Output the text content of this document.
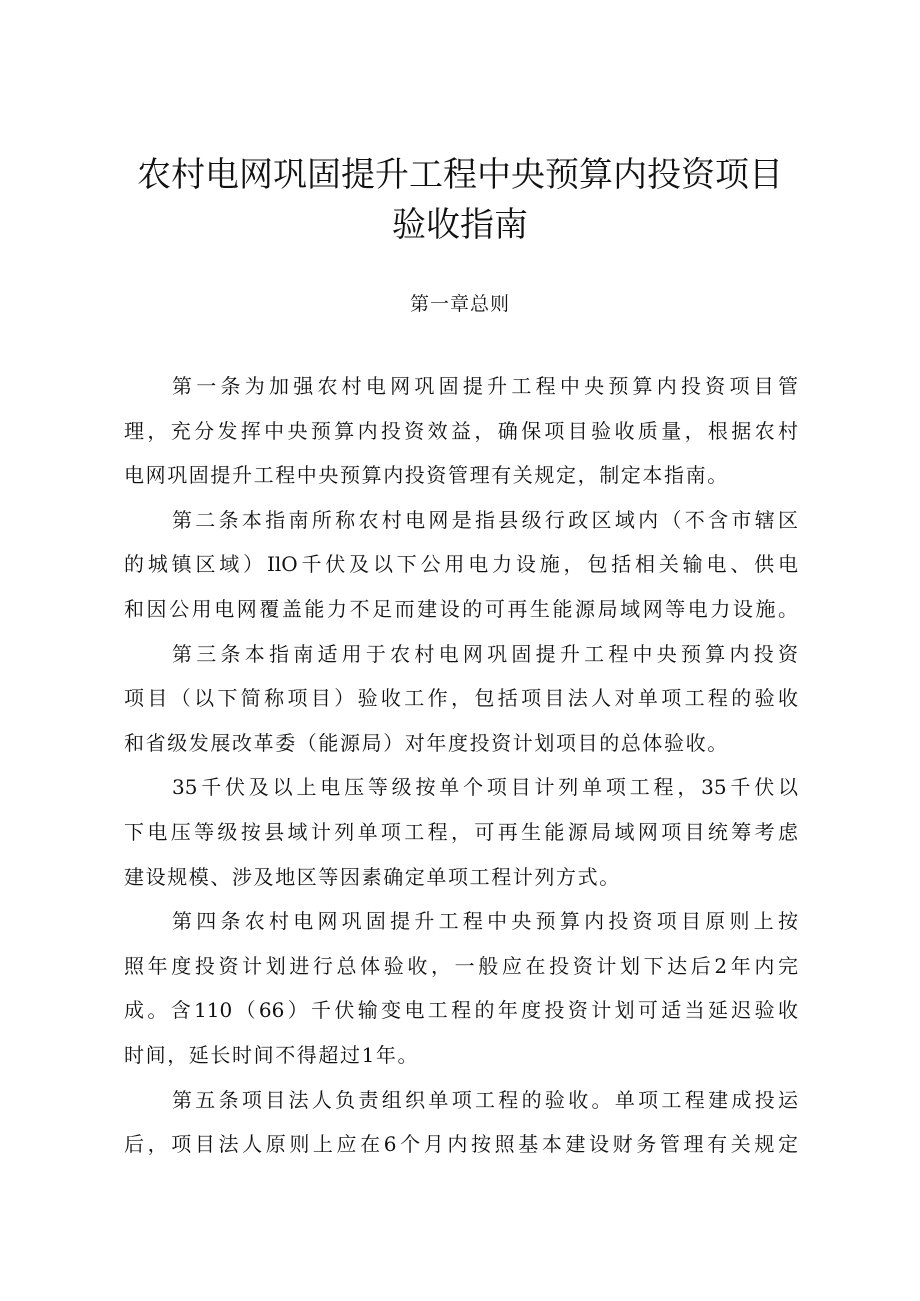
农村电网巩固提升工程中央预算内投资项目
验收指南
第一章总则
第一条为加强农村电网巩固提升工程中央预算内投资项目管
理，充分发挥中央预算内投资效益，确保项目验收质量，根据农村
电网巩固提升工程中央预算内投资管理有关规定，制定本指南。
第二条本指南所称农村电网是指县级行政区域内（不含市辖区
的城镇区域）IlO千伏及以下公用电力设施，包括相关输电、供电
和因公用电网覆盖能力不足而建设的可再生能源局域网等电力设施。
第三条本指南适用于农村电网巩固提升工程中央预算内投资
项目（以下简称项目）验收工作，包括项目法人对单项工程的验收
和省级发展改革委（能源局）对年度投资计划项目的总体验收。
35千伏及以上电压等级按单个项目计列单项工程，35千伏以
下电压等级按县域计列单项工程，可再生能源局域网项目统筹考虑
建设规模、涉及地区等因素确定单项工程计列方式。
第四条农村电网巩固提升工程中央预算内投资项目原则上按
照年度投资计划进行总体验收，一般应在投资计划下达后2年内完
成。含110（66）千伏输变电工程的年度投资计划可适当延迟验收
时间，延长时间不得超过1年。
第五条项目法人负责组织单项工程的验收。单项工程建成投运
后，项目法人原则上应在6个月内按照基本建设财务管理有关规定
